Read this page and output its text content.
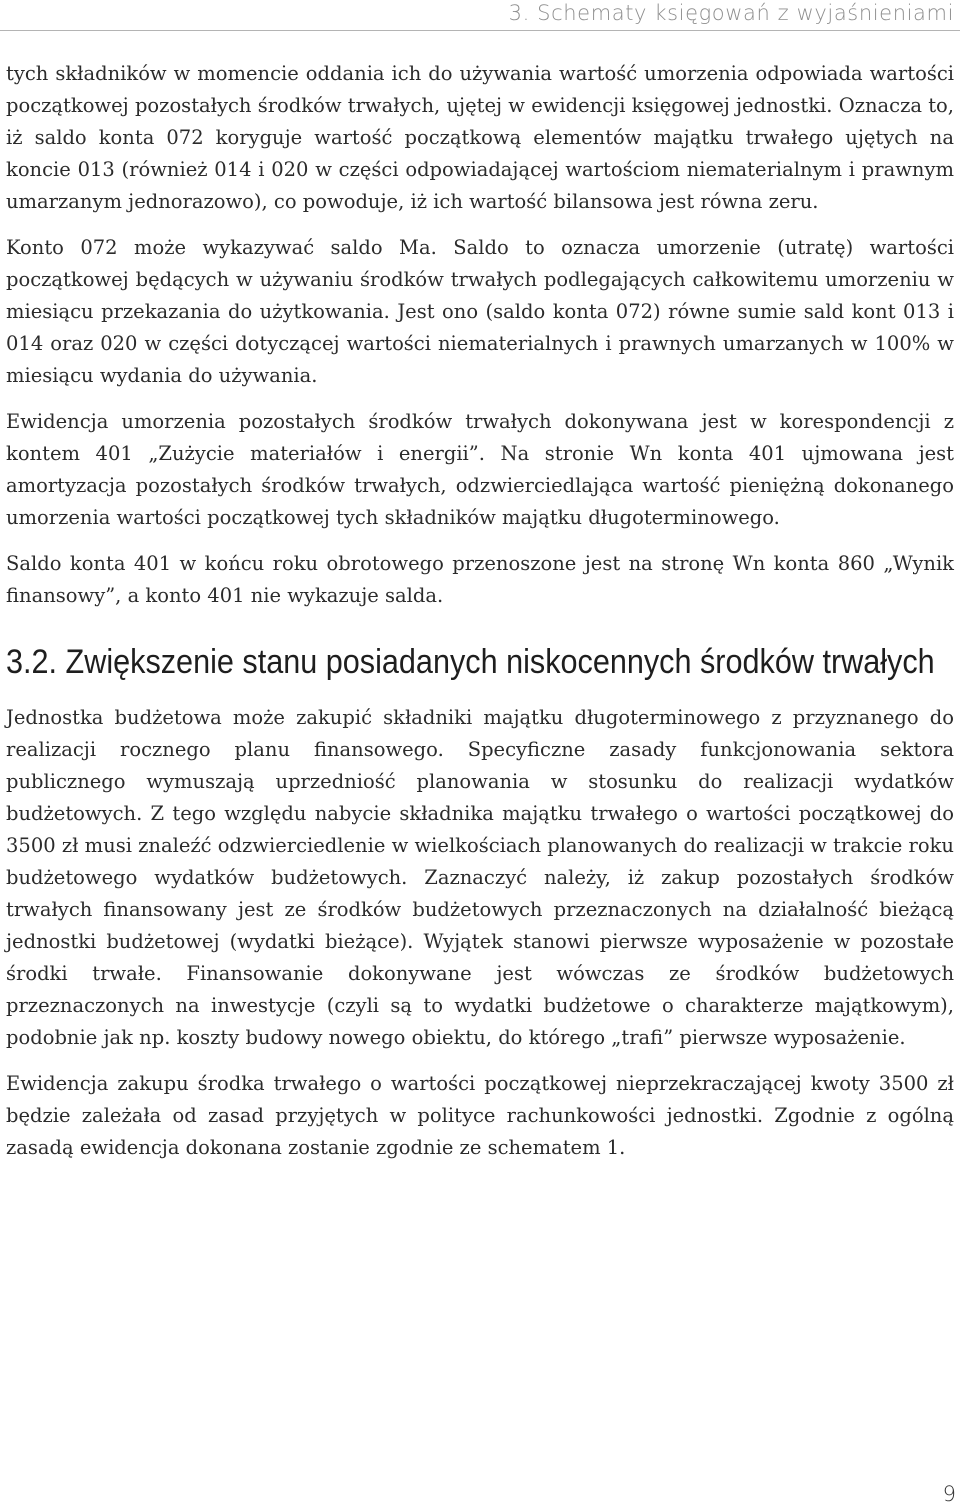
3. Schematy księgowań z wyjaśnieniami

tych składników w momencie oddania ich do używania wartość umorzenia odpowiada wartości początkowej pozostałych środków trwałych, ujętej w ewidencji księgowej jednostki. Oznacza to, iż saldo konta 072 koryguje wartość początkową elementów majątku trwałego ujętych na koncie 013 (również 014 i 020 w części odpowiadającej wartościom niematerialnym i prawnym umarzanym jednorazowo), co powoduje, iż ich wartość bilansowa jest równa zeru.

Konto 072 może wykazywać saldo Ma. Saldo to oznacza umorzenie (utratę) wartości początkowej będących w używaniu środków trwałych podlegających całkowitemu umorzeniu w miesiącu przekazania do użytkowania. Jest ono (saldo konta 072) równe sumie sald kont 013 i 014 oraz 020 w części dotyczącej wartości niematerialnych i prawnych umarzanych w 100% w miesiącu wydania do używania.

Ewidencja umorzenia pozostałych środków trwałych dokonywana jest w korespondencji z kontem 401 „Zużycie materiałów i energii”. Na stronie Wn konta 401 ujmowana jest amortyzacja pozostałych środków trwałych, odzwierciedlająca wartość pieniężną dokonanego umorzenia wartości początkowej tych składników majątku długoterminowego.

Saldo konta 401 w końcu roku obrotowego przenoszone jest na stronę Wn konta 860 „Wynik finansowy”, a konto 401 nie wykazuje salda.

3.2. Zwiększenie stanu posiadanych niskocennych środków trwałych

Jednostka budżetowa może zakupić składniki majątku długoterminowego z przyznanego do realizacji rocznego planu finansowego. Specyficzne zasady funkcjonowania sektora publicznego wymuszają uprzedniość planowania w stosunku do realizacji wydatków budżetowych. Z tego względu nabycie składnika majątku trwałego o wartości początkowej do 3500 zł musi znaleźć odzwierciedlenie w wielkościach planowanych do realizacji w trakcie roku budżetowego wydatków budżetowych. Zaznaczyć należy, iż zakup pozostałych środków trwałych finansowany jest ze środków budżetowych przeznaczonych na działalność bieżącą jednostki budżetowej (wydatki bieżące). Wyjątek stanowi pierwsze wyposażenie w pozostałe środki trwałe. Finansowanie dokonywane jest wówczas ze środków budżetowych przeznaczonych na inwestycje (czyli są to wydatki budżetowe o charakterze majątkowym), podobnie jak np. koszty budowy nowego obiektu, do którego „trafi” pierwsze wyposażenie.

Ewidencja zakupu środka trwałego o wartości początkowej nieprzekraczającej kwoty 3500 zł będzie zależała od zasad przyjętych w polityce rachunkowości jednostki. Zgodnie z ogólną zasadą ewidencja dokonana zostanie zgodnie ze schematem 1.

9
